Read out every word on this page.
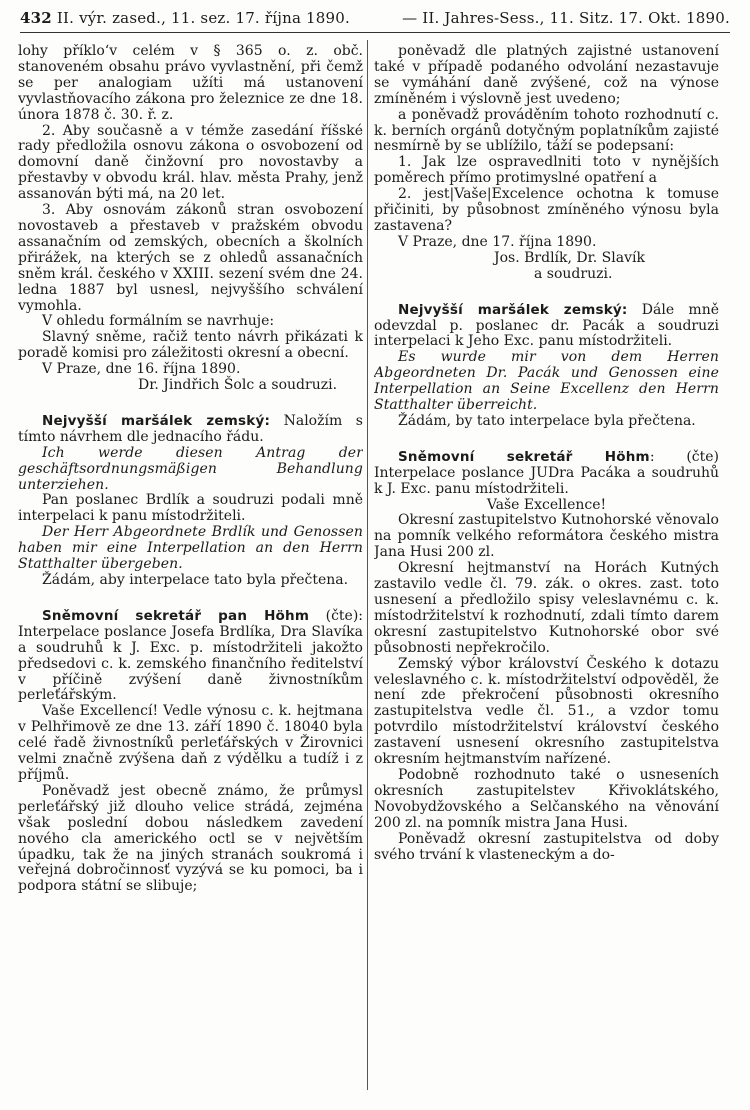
432 II. výr. zased., 11. sez. 17. října 1890.	— II. Jahres-Sess., 11. Sitz. 17. Okt. 1890.

lohy příkloʻv celém v § 365 o. z. obč. stanoveném obsahu právo vyvlastnění, při čemž se per analogiam užíti má ustanovení vyvlastňovacího zákona pro železnice ze dne 18. února 1878 č. 30. ř. z.

2. Aby současně a v témže zasedání říšské rady předložila osnovu zákona o osvobození od domovní daně činžovní pro novostavby a přestavby v obvodu král. hlav. města Prahy, jenž assanován býti má, na 20 let.

3. Aby osnovám zákonů stran osvobození novostaveb a přestaveb v pražském obvodu assanačním od zemských, obecních a školních přirážek, na kterých se z ohledů assanačních sněm král. českého v XXIII. sezení svém dne 24. ledna 1887 byl usnesl, nejvyššího schválení vymohla.

V ohledu formálním se navrhuje:

Slavný sněme, račiž tento návrh přikázati k poradě komisi pro záležitosti okresní a obecní.

V Praze, dne 16. října 1890.

Dr. Jindřich Šolc a soudruzi.

Nejvyšší maršálek zemský: Naložím s tímto návrhem dle jednacího řádu.

Ich werde diesen Antrag der geschäftsordnungsmäßigen Behandlung unterziehen.

Pan poslanec Brdlík a soudruzi podali mně interpelaci k panu místodržiteli.

Der Herr Abgeordnete Brdlík und Genossen haben mir eine Interpellation an den Herrn Statthalter übergeben.

Žádám, aby interpelace tato byla přečtena.

Sněmovní sekretář pan Höhm (čte): Interpelace poslance Josefa Brdlíka, Dra Slavíka a soudruhů k J. Exc. p. místodržiteli jakožto předsedovi c. k. zemského finančního ředitelství v příčině zvýšení daně živnostníkům perleťářským.

Vaše Excellencí! Vedle výnosu c. k. hejtmana v Pelhřimově ze dne 13. září 1890 č. 18040 byla celé řadě živnostníků perleťářských v Žirovnici velmi značně zvýšena daň z výdělku a tudíž i z příjmů.

Poněvadž jest obecně známo, že průmysl perleťářský již dlouho velice strádá, zejména však poslední dobou následkem zavedení nového cla amerického octl se v největším úpadku, tak že na jiných stranách soukromá i veřejná dobročinnosť vyzývá se ku pomoci, ba i podpora státní se slibuje;

poněvadž dle platných zajistné ustanovení také v případě podaného odvolání nezastavuje se vymáhání daně zvýšené, což na výnose zmíněném i výslovně jest uvedeno;

a poněvadž prováděním tohoto rozhodnutí c. k. berních orgánů dotyčným poplatníkům zajisté nesmírně by se ublížilo, táží se podepsaní:

1. Jak lze ospravedlniti toto v nynějších poměrech přímo protimyslné opatření a

2. jest|Vaše|Excelence ochotna k tomuse přičiniti, by působnost zmíněného výnosu byla zastavena?

V Praze, dne 17. října 1890.

Jos. Brdlík, Dr. Slavík

a soudruzi.

Nejvyšší maršálek zemský: Dále mně odevzdal p. poslanec dr. Pacák a soudruzi interpelaci k Jeho Exc. panu místodržiteli.

Es wurde mir von dem Herren Abgeordneten Dr. Pacák und Genossen eine Interpellation an Seine Excellenz den Herrn Statthalter überreicht.

Žádám, by tato interpelace byla přečtena.

Sněmovní sekretář Höhm: (čte) Interpelace poslance JUDra Pacáka a soudruhů k J. Exc. panu místodržiteli.

Vaše Excellence!

Okresní zastupitelstvo Kutnohorské věnovalo na pomník velkého reformátora českého mistra Jana Husi 200 zl.

Okresní hejtmanství na Horách Kutných zastavilo vedle čl. 79. zák. o okres. zast. toto usnesení a předložilo spisy veleslavnému c. k. místodržitelství k rozhodnutí, zdali tímto darem okresní zastupitelstvo Kutnohorské obor své působnosti nepřekročilo.

Zemský výbor království Českého k dotazu veleslavného c. k. místodržitelství odpověděl, že není zde překročení působnosti okresního zastupitelstva vedle čl. 51., a vzdor tomu potvrdilo místodržitelství království českého zastavení usnesení okresního zastupitelstva okresním hejtmanstvím nařízené.

Podobně rozhodnuto také o usneseních okresních zastupitelstev Křivoklátského, Novobydžovského a Selčanského na věnování 200 zl. na pomník mistra Jana Husi.

Poněvadž okresní zastupitelstva od doby svého trvání k vlasteneckým a do-
